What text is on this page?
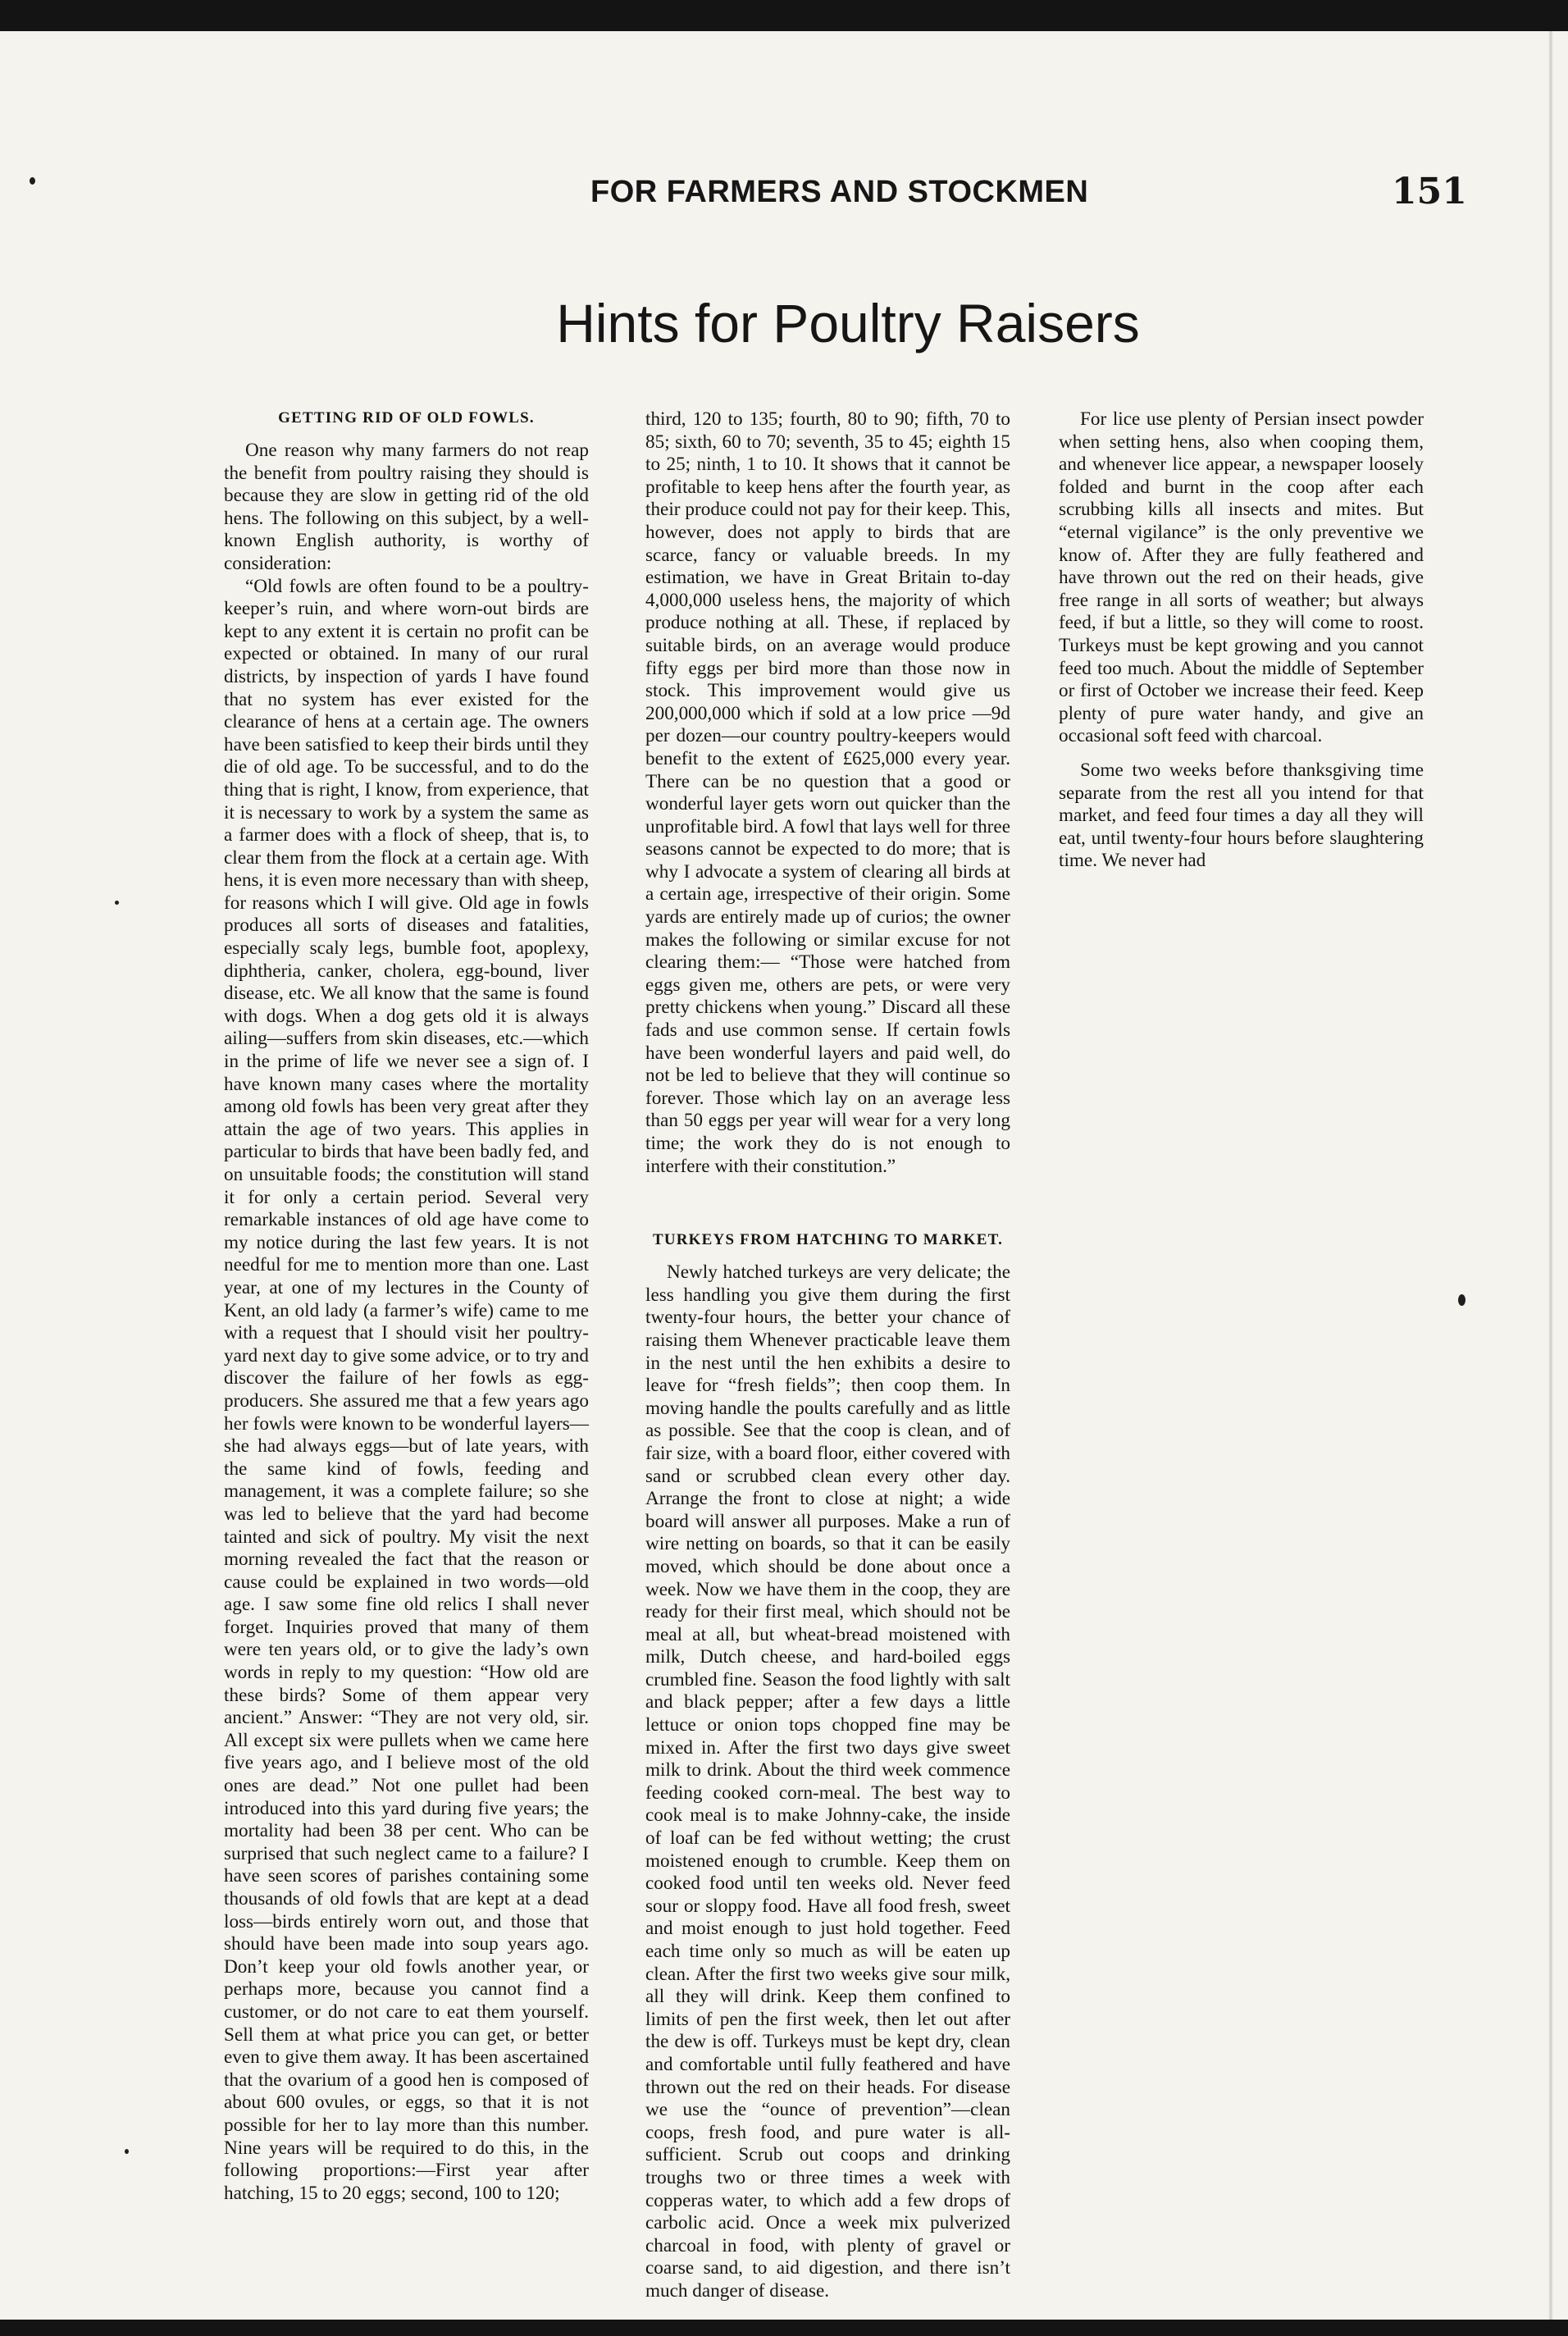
FOR FARMERS AND STOCKMEN	151
Hints for Poultry Raisers
GETTING RID OF OLD FOWLS.

One reason why many farmers do not reap the benefit from poultry raising they should is because they are slow in getting rid of the old hens. The following on this subject, by a well-known English authority, is worthy of consideration:

“Old fowls are often found to be a poultry-keeper’s ruin, and where worn-out birds are kept to any extent it is certain no profit can be expected or obtained. In many of our rural districts, by inspection of yards I have found that no system has ever existed for the clearance of hens at a certain age. The owners have been satisfied to keep their birds until they die of old age. To be successful, and to do the thing that is right, I know, from experience, that it is necessary to work by a system the same as a farmer does with a flock of sheep, that is, to clear them from the flock at a certain age. With hens, it is even more necessary than with sheep, for reasons which I will give. Old age in fowls produces all sorts of diseases and fatalities, especially scaly legs, bumble foot, apoplexy, diphtheria, canker, cholera, egg-bound, liver disease, etc. We all know that the same is found with dogs. When a dog gets old it is always ailing—suffers from skin diseases, etc.—which in the prime of life we never see a sign of. I have known many cases where the mortality among old fowls has been very great after they attain the age of two years. This applies in particular to birds that have been badly fed, and on unsuitable foods; the constitution will stand it for only a certain period. Several very remarkable instances of old age have come to my notice during the last few years. It is not needful for me to mention more than one. Last year, at one of my lectures in the County of Kent, an old lady (a farmer’s wife) came to me with a request that I should visit her poultry-yard next day to give some advice, or to try and discover the failure of her fowls as egg-producers. She assured me that a few years ago her fowls were known to be wonderful layers—she had always eggs—but of late years, with the same kind of fowls, feeding and management, it was a complete failure; so she was led to believe that the yard had become tainted and sick of poultry. My visit the next morning revealed the fact that the reason or cause could be explained in two words—old age. I saw some fine old relics I shall never forget. Inquiries proved that many of them were ten years old, or to give the lady’s own words in reply to my question: “How old are these birds? Some of them appear very ancient.” Answer: “They are not very old, sir. All except six were pullets when we came here five years ago, and I believe most of the old ones are dead.” Not one pullet had been introduced into this yard during five years; the mortality had been 38 per cent. Who can be surprised that such neglect came to a failure? I have seen scores of parishes containing some thousands of old fowls that are kept at a dead loss—birds entirely worn out, and those that should have been made into soup years ago. Don’t keep your old fowls another year, or perhaps more, because you cannot find a customer, or do not care to eat them yourself. Sell them at what price you can get, or better even to give them away. It has been ascertained that the ovarium of a good hen is composed of about 600 ovules, or eggs, so that it is not possible for her to lay more than this number. Nine years will be required to do this, in the following proportions:—First year after hatching, 15 to 20 eggs; second, 100 to 120;

third, 120 to 135; fourth, 80 to 90; fifth, 70 to 85; sixth, 60 to 70; seventh, 35 to 45; eighth 15 to 25; ninth, 1 to 10. It shows that it cannot be profitable to keep hens after the fourth year, as their produce could not pay for their keep. This, however, does not apply to birds that are scarce, fancy or valuable breeds. In my estimation, we have in Great Britain to-day 4,000,000 useless hens, the majority of which produce nothing at all. These, if replaced by suitable birds, on an average would produce fifty eggs per bird more than those now in stock. This improvement would give us 200,000,000 which if sold at a low price —9d per dozen—our country poultry-keepers would benefit to the extent of £625,000 every year. There can be no question that a good or wonderful layer gets worn out quicker than the unprofitable bird. A fowl that lays well for three seasons cannot be expected to do more; that is why I advocate a system of clearing all birds at a certain age, irrespective of their origin. Some yards are entirely made up of curios; the owner makes the following or similar excuse for not clearing them:— “Those were hatched from eggs given me, others are pets, or were very pretty chickens when young.” Discard all these fads and use common sense. If certain fowls have been wonderful layers and paid well, do not be led to believe that they will continue so forever. Those which lay on an average less than 50 eggs per year will wear for a very long time; the work they do is not enough to interfere with their constitution.”

TURKEYS FROM HATCHING TO MARKET.

Newly hatched turkeys are very delicate; the less handling you give them during the first twenty-four hours, the better your chance of raising them Whenever practicable leave them in the nest until the hen exhibits a desire to leave for “fresh fields”; then coop them. In moving handle the poults carefully and as little as possible. See that the coop is clean, and of fair size, with a board floor, either covered with sand or scrubbed clean every other day. Arrange the front to close at night; a wide board will answer all purposes. Make a run of wire netting on boards, so that it can be easily moved, which should be done about once a week. Now we have them in the coop, they are ready for their first meal, which should not be meal at all, but wheat-bread moistened with milk, Dutch cheese, and hard-boiled eggs crumbled fine. Season the food lightly with salt and black pepper; after a few days a little lettuce or onion tops chopped fine may be mixed in. After the first two days give sweet milk to drink. About the third week commence feeding cooked corn-meal. The best way to cook meal is to make Johnny-cake, the inside of loaf can be fed without wetting; the crust moistened enough to crumble. Keep them on cooked food until ten weeks old. Never feed sour or sloppy food. Have all food fresh, sweet and moist enough to just hold together. Feed each time only so much as will be eaten up clean. After the first two weeks give sour milk, all they will drink. Keep them confined to limits of pen the first week, then let out after the dew is off. Turkeys must be kept dry, clean and comfortable until fully feathered and have thrown out the red on their heads. For disease we use the “ounce of prevention”—clean coops, fresh food, and pure water is all-sufficient. Scrub out coops and drinking troughs two or three times a week with copperas water, to which add a few drops of carbolic acid. Once a week mix pulverized charcoal in food, with plenty of gravel or coarse sand, to aid digestion, and there isn’t much danger of disease.

For lice use plenty of Persian insect powder when setting hens, also when cooping them, and whenever lice appear, a newspaper loosely folded and burnt in the coop after each scrubbing kills all insects and mites. But “eternal vigilance” is the only preventive we know of. After they are fully feathered and have thrown out the red on their heads, give free range in all sorts of weather; but always feed, if but a little, so they will come to roost. Turkeys must be kept growing and you cannot feed too much. About the middle of September or first of October we increase their feed. Keep plenty of pure water handy, and give an occasional soft feed with charcoal.

Some two weeks before thanksgiving time separate from the rest all you intend for that market, and feed four times a day all they will eat, until twenty-four hours before slaughtering time. We never had
